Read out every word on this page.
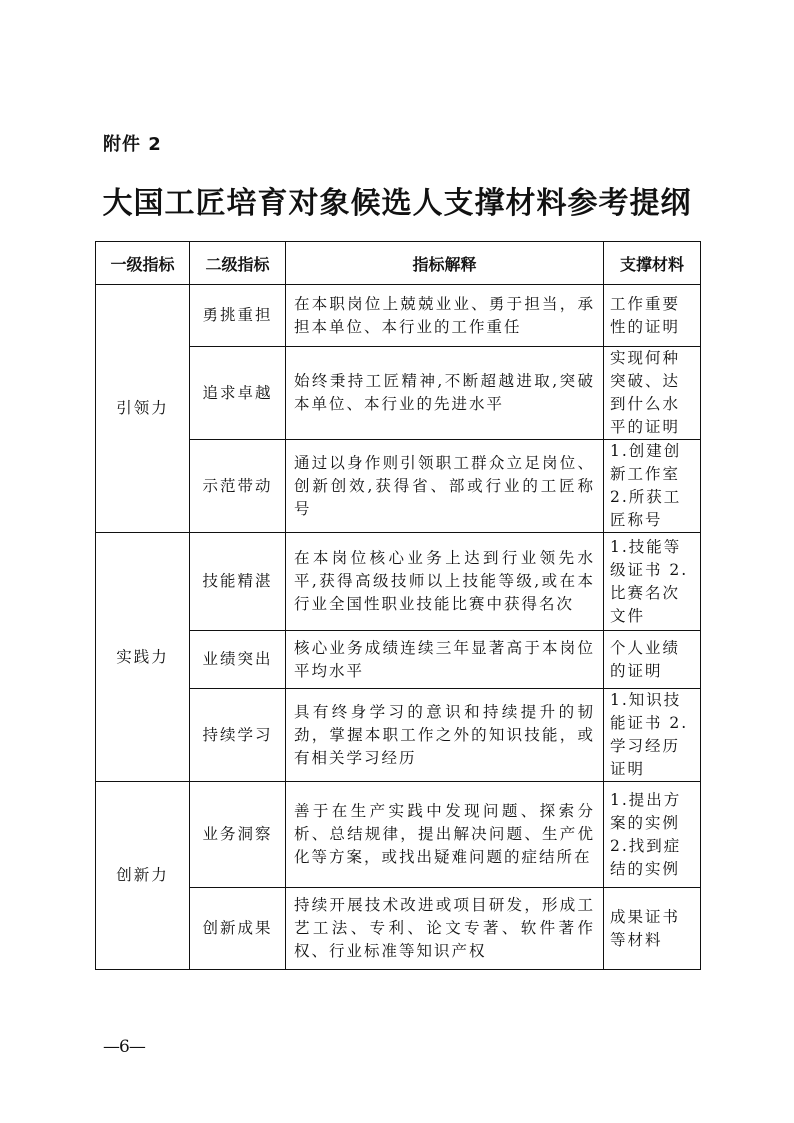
附件 2
大国工匠培育对象候选人支撑材料参考提纲
一级指标	二级指标	指标解释	支撑材料
引领力	勇挑重担	在本职岗位上兢兢业业、勇于担当，承担本单位、本行业的工作重任	工作重要性的证明
	追求卓越	始终秉持工匠精神,不断超越进取,突破本单位、本行业的先进水平	实现何种突破、达到什么水平的证明
	示范带动	通过以身作则引领职工群众立足岗位、创新创效,获得省、部或行业的工匠称号	1.创建创新工作室 2.所获工匠称号
实践力	技能精湛	在本岗位核心业务上达到行业领先水平,获得高级技师以上技能等级,或在本行业全国性职业技能比赛中获得名次	1.技能等级证书 2.比赛名次文件
	业绩突出	核心业务成绩连续三年显著高于本岗位平均水平	个人业绩的证明
	持续学习	具有终身学习的意识和持续提升的韧劲，掌握本职工作之外的知识技能，或有相关学习经历	1.知识技能证书 2.学习经历证明
创新力	业务洞察	善于在生产实践中发现问题、探索分析、总结规律，提出解决问题、生产优化等方案，或找出疑难问题的症结所在	1.提出方案的实例 2.找到症结的实例
	创新成果	持续开展技术改进或项目研发，形成工艺工法、专利、论文专著、软件著作权、行业标准等知识产权	成果证书等材料
—6—
